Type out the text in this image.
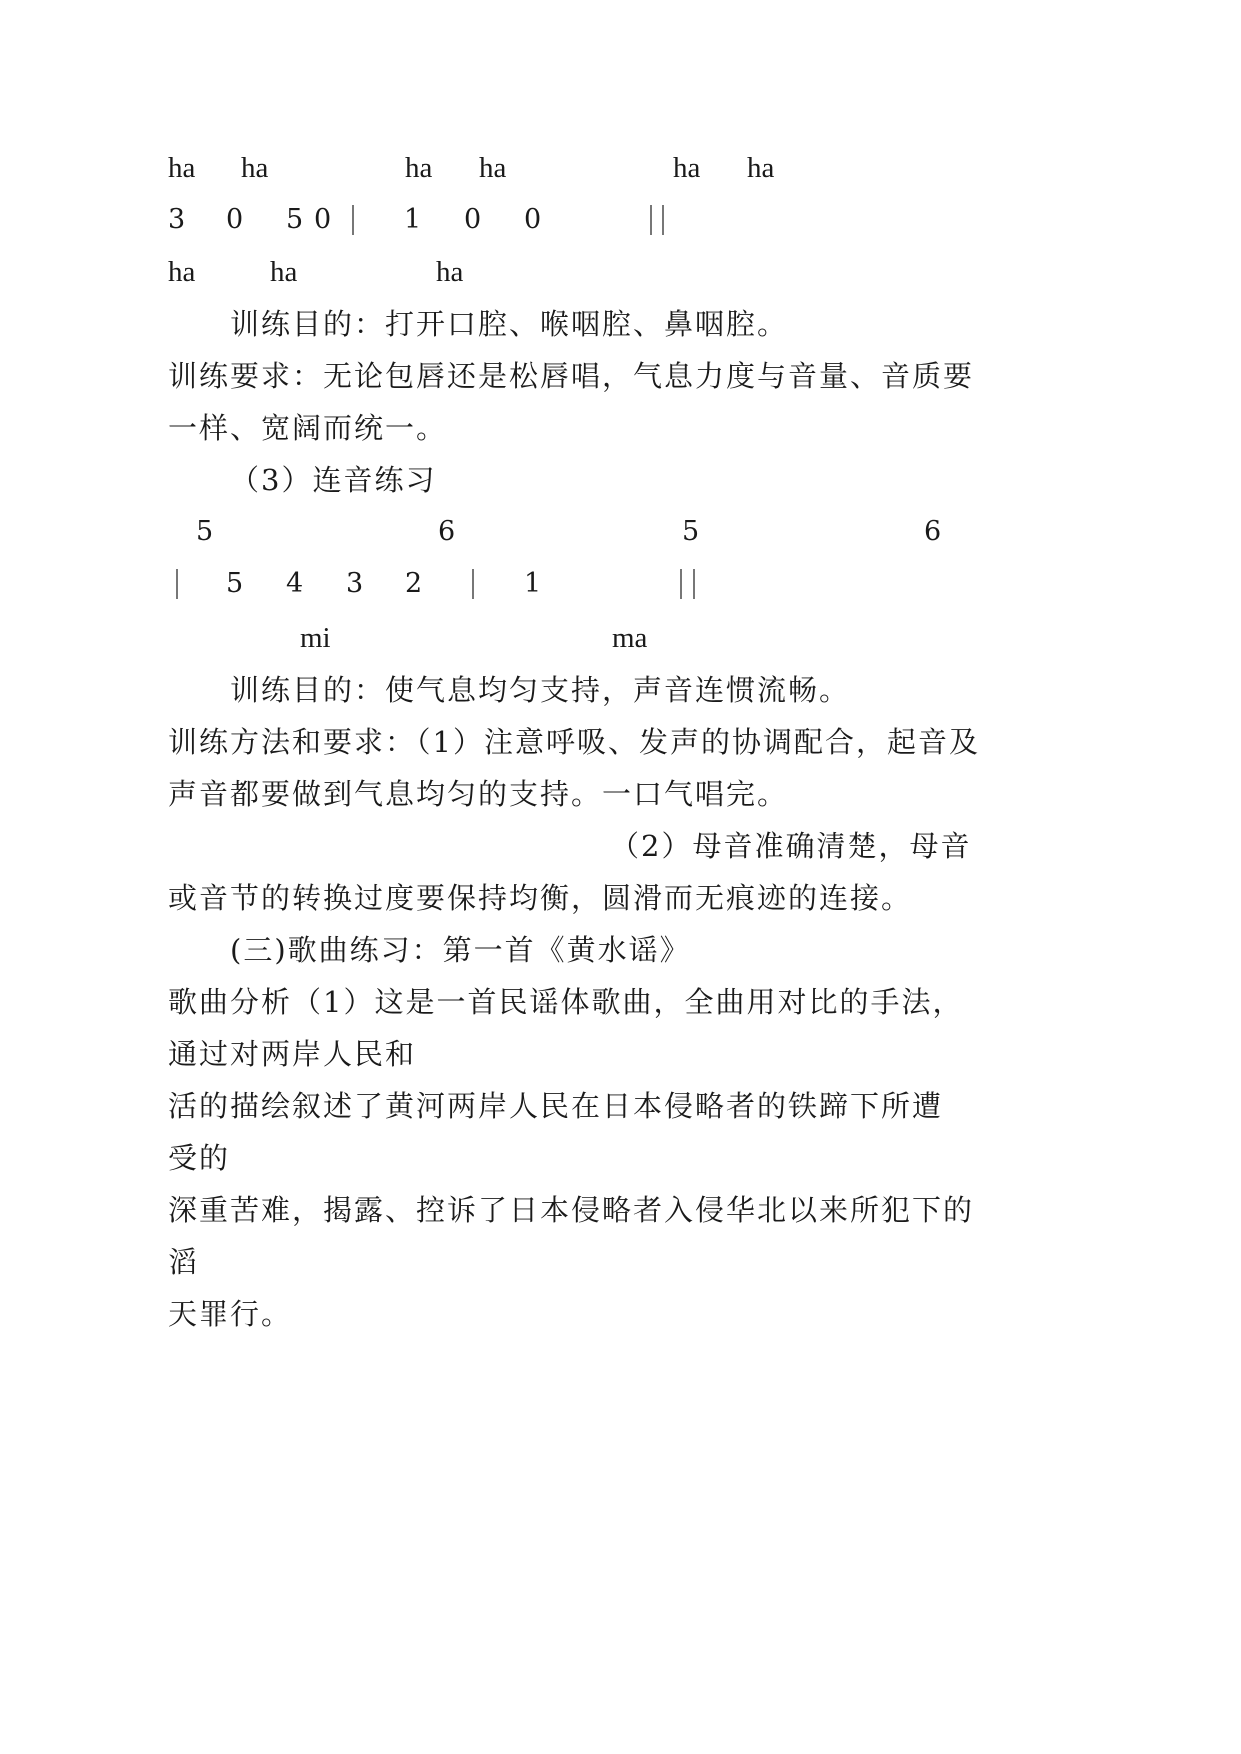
ha ha	ha ha	ha ha
3 0 5 0	1 0 0
ha	ha	ha
训练目的：打开口腔、喉咽腔、鼻咽腔。
训练要求：无论包唇还是松唇唱，气息力度与音量、音质要
一样、宽阔而统一。
（3）连音练习
5	6	5	6
5 4 3 2	1
mi	ma
训练目的：使气息均匀支持，声音连惯流畅。
训练方法和要求：（1）注意呼吸、发声的协调配合，起音及
声音都要做到气息均匀的支持。一口气唱完。
（2）母音准确清楚，母音
或音节的转换过度要保持均衡，圆滑而无痕迹的连接。
(三)歌曲练习：第一首《黄水谣》
歌曲分析（1）这是一首民谣体歌曲，全曲用对比的手法，
通过对两岸人民和
活的描绘叙述了黄河两岸人民在日本侵略者的铁蹄下所遭
受的
深重苦难，揭露、控诉了日本侵略者入侵华北以来所犯下的
滔
天罪行。
